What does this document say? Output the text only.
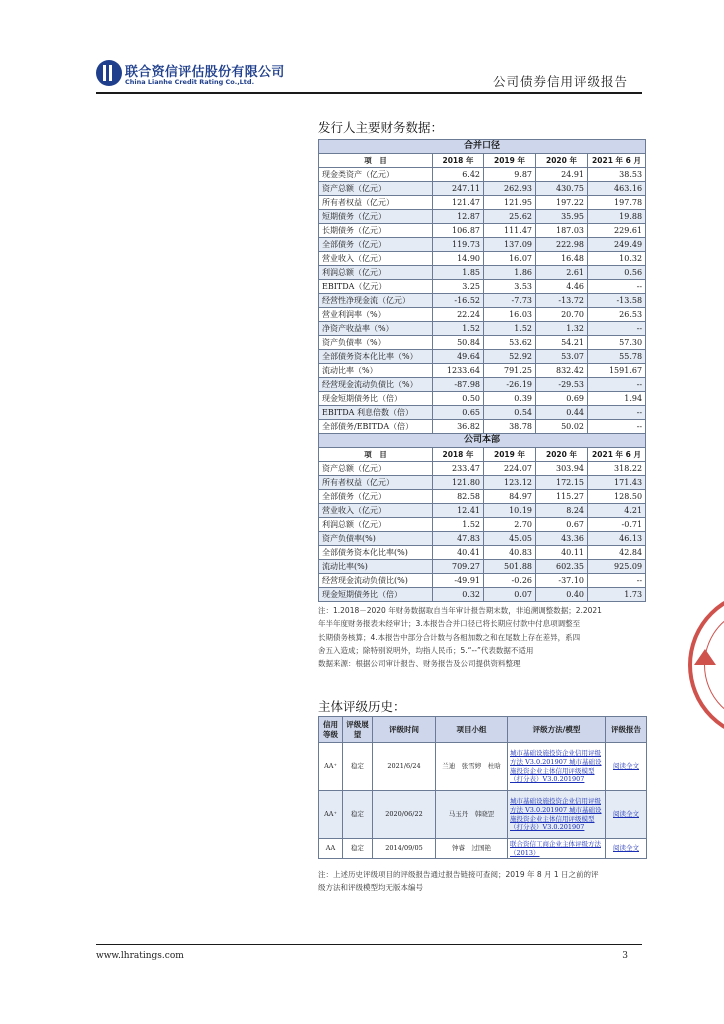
联合资信评估股份有限公司
China Lianhe Credit Rating Co.,Ltd.	公司债券信用评级报告
发行人主要财务数据：
合并口径				
项　目	2018 年	2019 年	2020 年	2021 年 6 月
现金类资产（亿元）	6.42	9.87	24.91	38.53
资产总额（亿元）	247.11	262.93	430.75	463.16
所有者权益（亿元）	121.47	121.95	197.22	197.78
短期债务（亿元）	12.87	25.62	35.95	19.88
长期债务（亿元）	106.87	111.47	187.03	229.61
全部债务（亿元）	119.73	137.09	222.98	249.49
营业收入（亿元）	14.90	16.07	16.48	10.32
利润总额（亿元）	1.85	1.86	2.61	0.56
EBITDA（亿元）	3.25	3.53	4.46	--
经营性净现金流（亿元）	-16.52	-7.73	-13.72	-13.58
营业利润率（%）	22.24	16.03	20.70	26.53
净资产收益率（%）	1.52	1.52	1.32	--
资产负债率（%）	50.84	53.62	54.21	57.30
全部债务资本化比率（%）	49.64	52.92	53.07	55.78
流动比率（%）	1233.64	791.25	832.42	1591.67
经营现金流动负债比（%）	-87.98	-26.19	-29.53	--
现金短期债务比（倍）	0.50	0.39	0.69	1.94
EBITDA 利息倍数（倍）	0.65	0.54	0.44	--
全部债务/EBITDA（倍）	36.82	38.78	50.02	--
公司本部				
项　目	2018 年	2019 年	2020 年	2021 年 6 月
资产总额（亿元）	233.47	224.07	303.94	318.22
所有者权益（亿元）	121.80	123.12	172.15	171.43
全部债务（亿元）	82.58	84.97	115.27	128.50
营业收入（亿元）	12.41	10.19	8.24	4.21
利润总额（亿元）	1.52	2.70	0.67	-0.71
资产负债率(%)	47.83	45.05	43.36	46.13
全部债务资本化比率(%)	40.41	40.83	40.11	42.84
流动比率(%)	709.27	501.88	602.35	925.09
经营现金流动负债比(%)	-49.91	-0.26	-37.10	--
现金短期债务比（倍）	0.32	0.07	0.40	1.73
注：1.2018－2020 年财务数据取自当年审计报告期末数，非追溯调整数据；2.2021
年半年度财务报表未经审计；3.本报告合并口径已将长期应付款中付息项调整至
长期债务核算；4.本报告中部分合计数与各相加数之和在尾数上存在差异，系四
舍五入造成；除特别说明外，均指人民币；5.“--”代表数据不适用
数据来源：根据公司审计报告、财务报告及公司提供资料整理
主体评级历史：
信用等级	评级展望	评级时间	项目小组	评级方法/模型	评级报告
AA⁺	稳定	2021/6/24	兰迪　张雪婷　杜晗	城市基础设施投资企业信用评级方法 V3.0.201907 城市基础设施投资企业主体信用评级模型（打分表）V3.0.201907	阅读全文
AA⁺	稳定	2020/06/22	马玉丹　韩晓罡	城市基础设施投资企业信用评级方法 V3.0.201907 城市基础设施投资企业主体信用评级模型（打分表）V3.0.201907	阅读全文
AA	稳定	2014/09/05	钟睿　过国艳	联合资信工商企业主体评级方法（2013）	阅读全文
注：上述历史评级项目的评级报告通过报告链接可查阅；2019 年 8 月 1 日之前的评
级方法和评级模型均无版本编号
www.lhratings.com	3
